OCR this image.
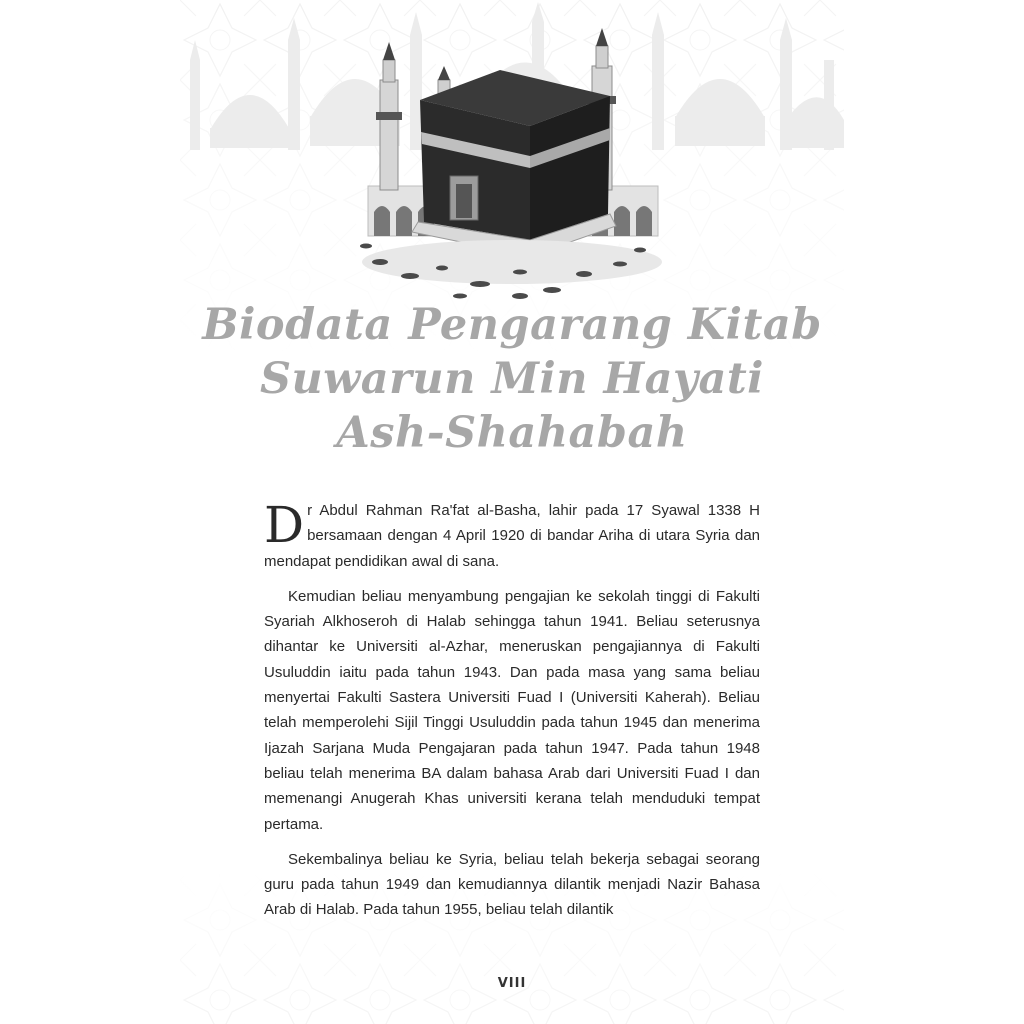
Biodata Pengarang Kitab
Suwarun Min Hayati
Ash-Shahabah

Dr Abdul Rahman Ra'fat al-Basha, lahir pada 17 Syawal 1338 H bersamaan dengan 4 April 1920 di bandar Ariha di utara Syria dan mendapat pendidikan awal di sana.

Kemudian beliau menyambung pengajian ke sekolah tinggi di Fakulti Syariah Alkhoseroh di Halab sehingga tahun 1941. Beliau seterusnya dihantar ke Universiti al-Azhar, meneruskan pengajiannya di Fakulti Usuluddin iaitu pada tahun 1943. Dan pada masa yang sama beliau menyertai Fakulti Sastera Universiti Fuad I (Universiti Kaherah). Beliau telah memperolehi Sijil Tinggi Usuluddin pada tahun 1945 dan menerima Ijazah Sarjana Muda Pengajaran pada tahun 1947. Pada tahun 1948 beliau telah menerima BA dalam bahasa Arab dari Universiti Fuad I dan memenangi Anugerah Khas universiti kerana telah menduduki tempat pertama.

Sekembalinya beliau ke Syria, beliau telah bekerja sebagai seorang guru pada tahun 1949 dan kemudiannya dilantik menjadi Nazir Bahasa Arab di Halab. Pada tahun 1955, beliau telah dilantik

VIII
